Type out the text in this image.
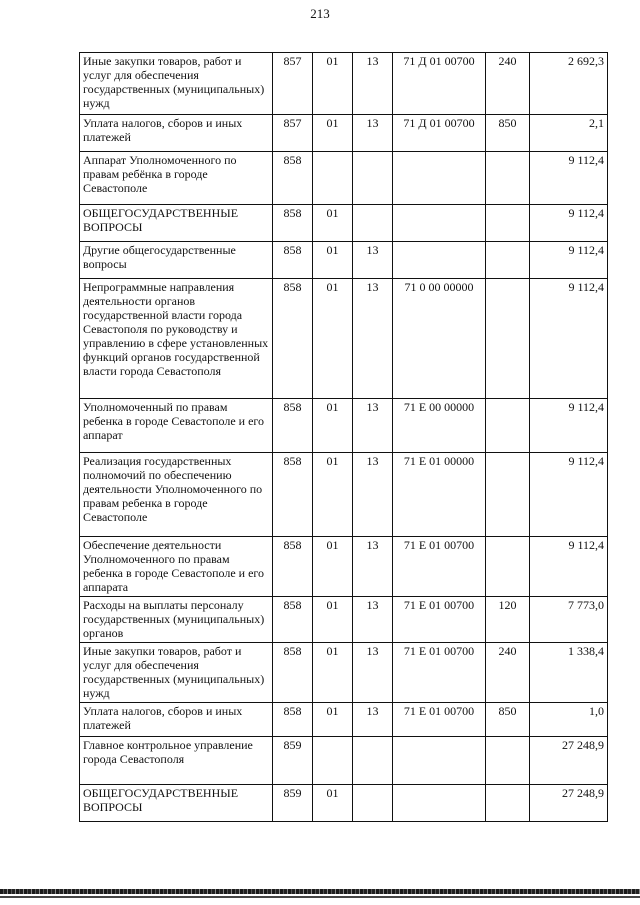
213
Иные закупки товаров, работ и услуг для обеспечения государственных (муниципальных) нужд	857	01	13	71 Д 01 00700	240	2 692,3
Уплата налогов, сборов и иных платежей	857	01	13	71 Д 01 00700	850	2,1
Аппарат Уполномоченного по правам ребёнка в городе Севастополе	858					9 112,4
ОБЩЕГОСУДАРСТВЕННЫЕ ВОПРОСЫ	858	01				9 112,4
Другие общегосударственные вопросы	858	01	13			9 112,4
Непрограммные направления деятельности органов государственной власти города Севастополя по руководству и управлению в сфере установленных функций органов государственной власти города Севастополя	858	01	13	71 0 00 00000		9 112,4
Уполномоченный по правам ребенка в городе Севастополе и его аппарат	858	01	13	71 Е 00 00000		9 112,4
Реализация государственных полномочий по обеспечению деятельности Уполномоченного по правам ребенка в городе Севастополе	858	01	13	71 Е 01 00000		9 112,4
Обеспечение деятельности Уполномоченного по правам ребенка в городе Севастополе и его аппарата	858	01	13	71 Е 01 00700		9 112,4
Расходы на выплаты персоналу государственных (муниципальных) органов	858	01	13	71 Е 01 00700	120	7 773,0
Иные закупки товаров, работ и услуг для обеспечения государственных (муниципальных) нужд	858	01	13	71 Е 01 00700	240	1 338,4
Уплата налогов, сборов и иных платежей	858	01	13	71 Е 01 00700	850	1,0
Главное контрольное управление города Севастополя	859					27 248,9
ОБЩЕГОСУДАРСТВЕННЫЕ ВОПРОСЫ	859	01				27 248,9
